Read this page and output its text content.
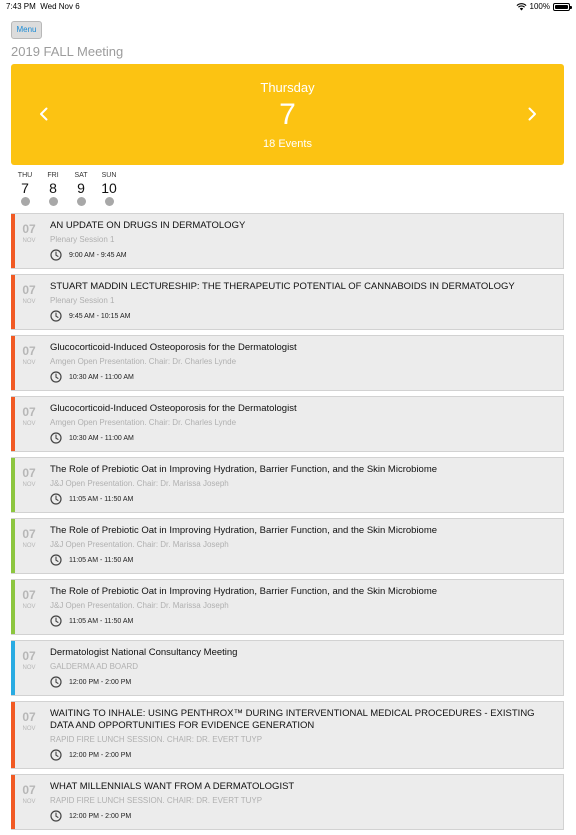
7:43 PM Wed Nov 6	100%
Menu
2019 FALL Meeting
Thursday
7
18 Events
THU
7
FRI
8
SAT
9
SUN
10
07
NOV
AN UPDATE ON DRUGS IN DERMATOLOGY
Plenary Session 1
9:00 AM - 9:45 AM
07
NOV
STUART MADDIN LECTURESHIP: THE THERAPEUTIC POTENTIAL OF CANNABOIDS IN DERMATOLOGY
Plenary Session 1
9:45 AM - 10:15 AM
07
NOV
Glucocorticoid-Induced Osteoporosis for the Dermatologist
Amgen Open Presentation. Chair: Dr. Charles Lynde
10:30 AM - 11:00 AM
07
NOV
Glucocorticoid-Induced Osteoporosis for the Dermatologist
Amgen Open Presentation. Chair: Dr. Charles Lynde
10:30 AM - 11:00 AM
07
NOV
The Role of Prebiotic Oat in Improving Hydration, Barrier Function, and the Skin Microbiome
J&J Open Presentation. Chair: Dr. Marissa Joseph
11:05 AM - 11:50 AM
07
NOV
The Role of Prebiotic Oat in Improving Hydration, Barrier Function, and the Skin Microbiome
J&J Open Presentation. Chair: Dr. Marissa Joseph
11:05 AM - 11:50 AM
07
NOV
The Role of Prebiotic Oat in Improving Hydration, Barrier Function, and the Skin Microbiome
J&J Open Presentation. Chair: Dr. Marissa Joseph
11:05 AM - 11:50 AM
07
NOV
Dermatologist National Consultancy Meeting
GALDERMA AD BOARD
12:00 PM - 2:00 PM
07
NOV
WAITING TO INHALE: USING PENTHROX™ DURING INTERVENTIONAL MEDICAL PROCEDURES - EXISTING DATA AND OPPORTUNITIES FOR EVIDENCE GENERATION
RAPID FIRE LUNCH SESSION. CHAIR: DR. EVERT TUYP
12:00 PM - 2:00 PM
07
NOV
WHAT MILLENNIALS WANT FROM A DERMATOLOGIST
RAPID FIRE LUNCH SESSION. CHAIR: DR. EVERT TUYP
12:00 PM - 2:00 PM
